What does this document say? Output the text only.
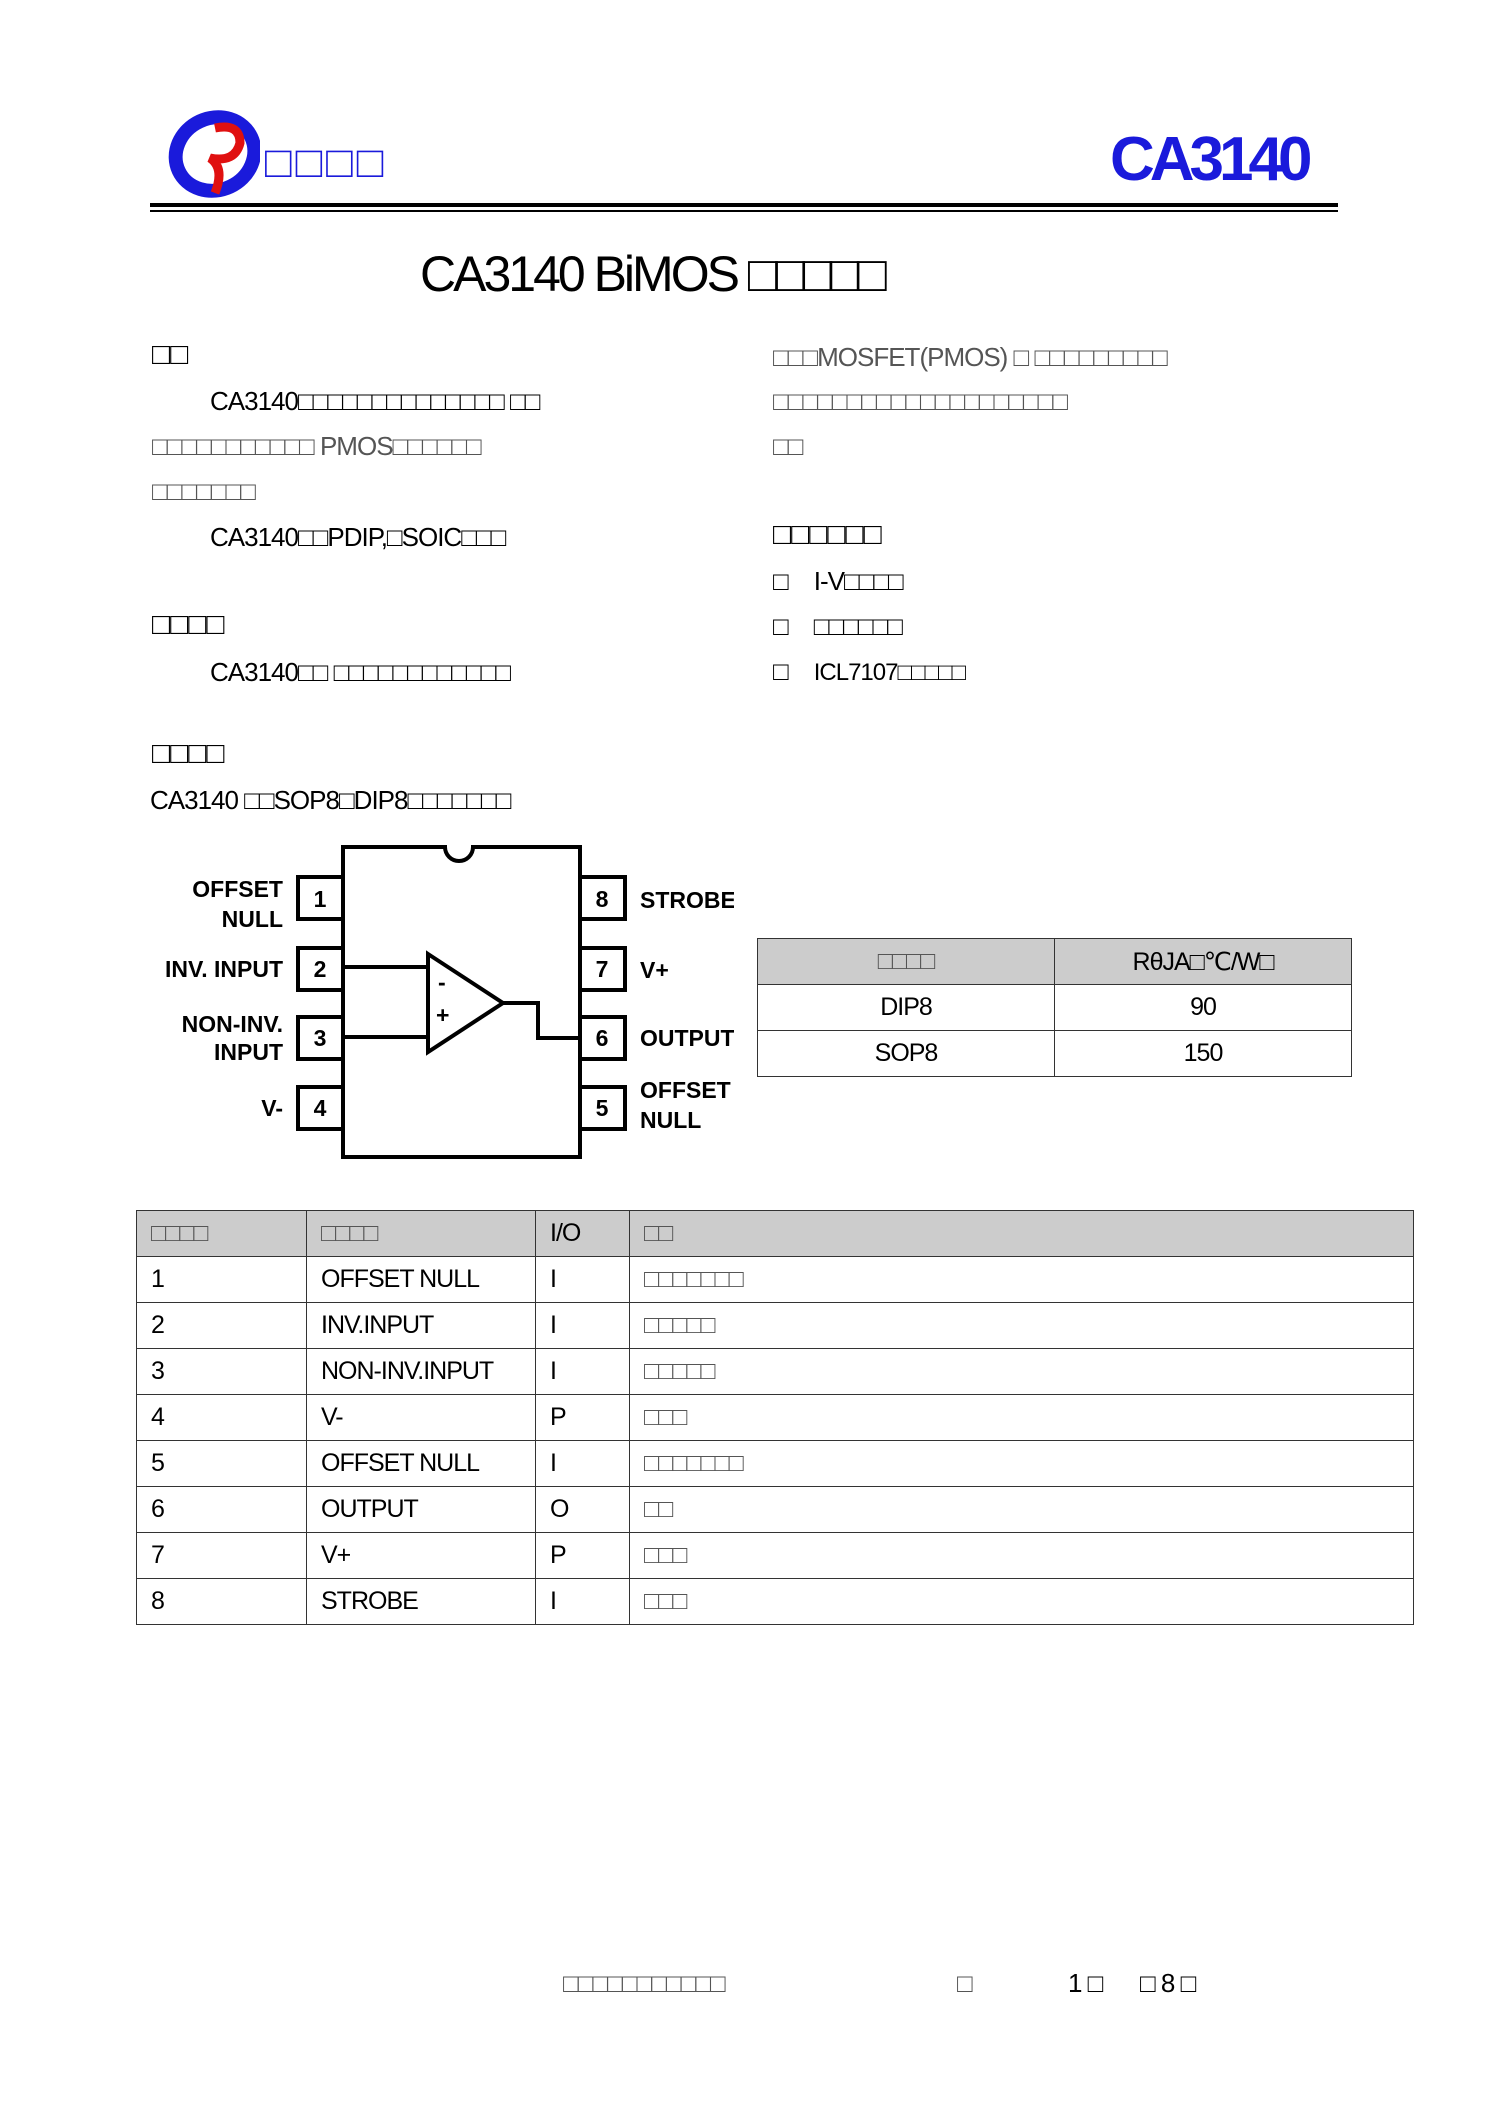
□□□□	CA3140
CA3140 BiMOS □□□□□
□□
CA3140□□□□□□□□□□□□□□ □□
□□□□□□□□□□□ PMOS□□□□□□
□□□□□□□
CA3140□□PDIP,□SOIC□□□
□□□□
CA3140□□ □□□□□□□□□□□□
□□□□
CA3140 □□SOP8□DIP8□□□□□□□
□□□MOSFET(PMOS) □ □□□□□□□□□
□□□□□□□□□□□□□□□□□□□□
□□
□□□□□□
□ I-V□□□□
□ □□□□□□
□ ICL7107□□□□□
-
+
1
2
3
4
8
7
6
5
OFFSET
NULL
INV. INPUT
NON-INV.
INPUT
V-
STROBE
V+
OUTPUT
OFFSET
NULL
□□□□	RθJA□℃/W□
DIP8	90
SOP8	150
□□□□	□□□□	I/O	□□
1	OFFSET NULL	I	□□□□□□□
2	INV.INPUT	I	□□□□□
3	NON-INV.INPUT	I	□□□□□
4	V-	P	□□□
5	OFFSET NULL	I	□□□□□□□
6	OUTPUT	O	□□
7	V+	P	□□□
8	STROBE	I	□□□
□□□□□□□□□□□	□	1 □ □ 8 □
